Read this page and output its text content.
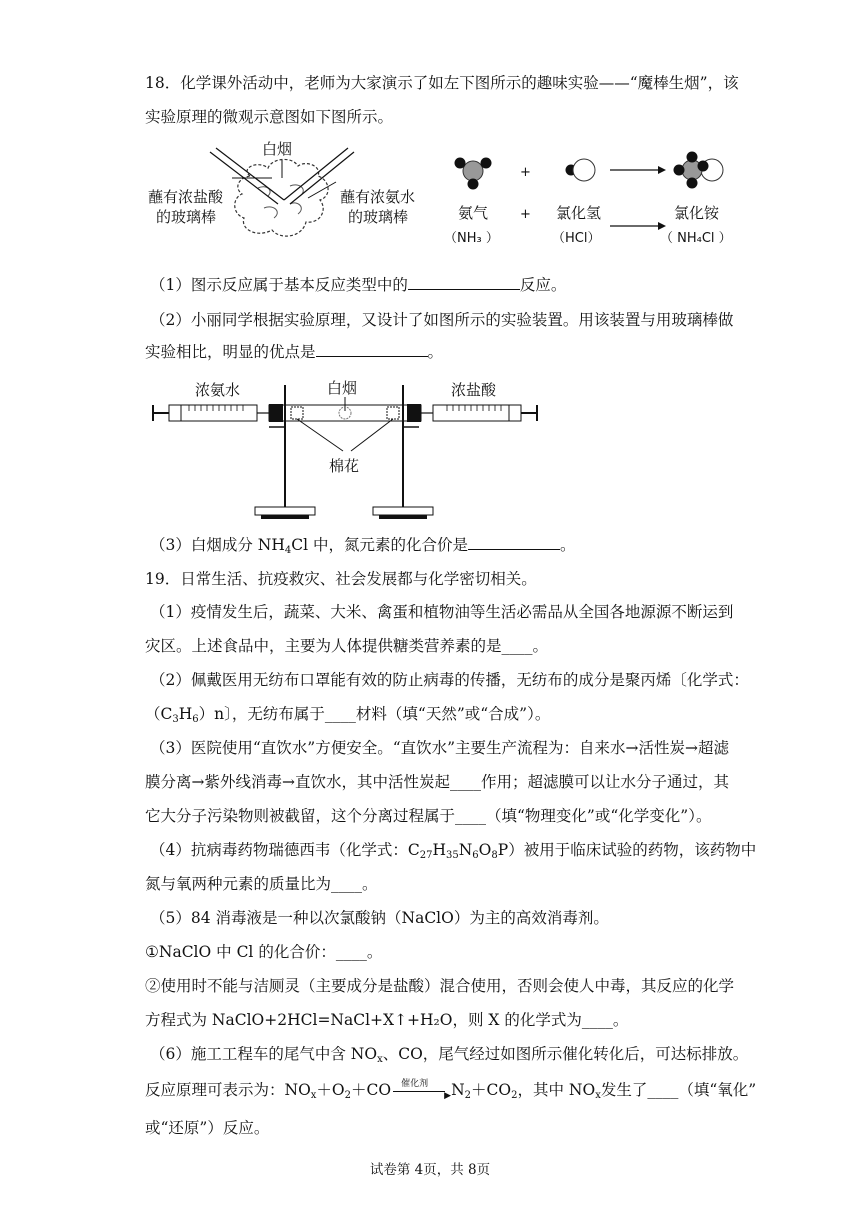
18．化学课外活动中，老师为大家演示了如左下图所示的趣味实验——“魔棒生烟”，该
实验原理的微观示意图如下图所示。
白烟
蘸有浓盐酸
的玻璃棒
蘸有浓氨水
的玻璃棒
+
氨气 + 氯化氢	氯化铵
（NH₃ ）	（HCl）	（ NH₄Cl ）
（1）图示反应属于基本反应类型中的	反应。
（2）小丽同学根据实验原理，又设计了如图所示的实验装置。用该装置与用玻璃棒做
实验相比，明显的优点是	。
浓氨水	白烟	浓盐酸
棉花
（3）白烟成分 $NH_4Cl$ 中，氮元素的化合价是	。
19．日常生活、抗疫救灾、社会发展都与化学密切相关。
（1）疫情发生后，蔬菜、大米、禽蛋和植物油等生活必需品从全国各地源源不断运到
灾区。上述食品中，主要为人体提供糖类营养素的是____。
（2）佩戴医用无纺布口罩能有效的防止病毒的传播，无纺布的成分是聚丙烯〔化学式：
$(C_3H_6)n$〕，无纺布属于____材料（填“天然”或“合成”）。
（3）医院使用“直饮水”方便安全。“直饮水”主要生产流程为：自来水→活性炭→超滤
膜分离→紫外线消毒→直饮水，其中活性炭起____作用；超滤膜可以让水分子通过，其
它大分子污染物则被截留，这个分离过程属于____（填“物理变化”或“化学变化”）。
（4）抗病毒药物瑞德西韦（化学式：$C_{27}H_{35}N_6O_8P$）被用于临床试验的药物，该药物中
氮与氧两种元素的质量比为____。
（5）84 消毒液是一种以次氯酸钠（NaClO）为主的高效消毒剂。
①NaClO 中 Cl 的化合价：____。
②使用时不能与洁厕灵（主要成分是盐酸）混合使用，否则会使人中毒，其反应的化学
方程式为 NaClO+2HCl=NaCl+X↑+H₂O，则 X 的化学式为____。
（6）施工工程车的尾气中含 $NO_x$、CO，尾气经过如图所示催化转化后，可达标排放。
反应原理可表示为：$NO_x+O_2+CO$ 催化剂
▶ $N_2+CO_2$，其中 $NO_x$发生了____（填“氧化”
或“还原”）反应。
试卷第 4页，共 8页
